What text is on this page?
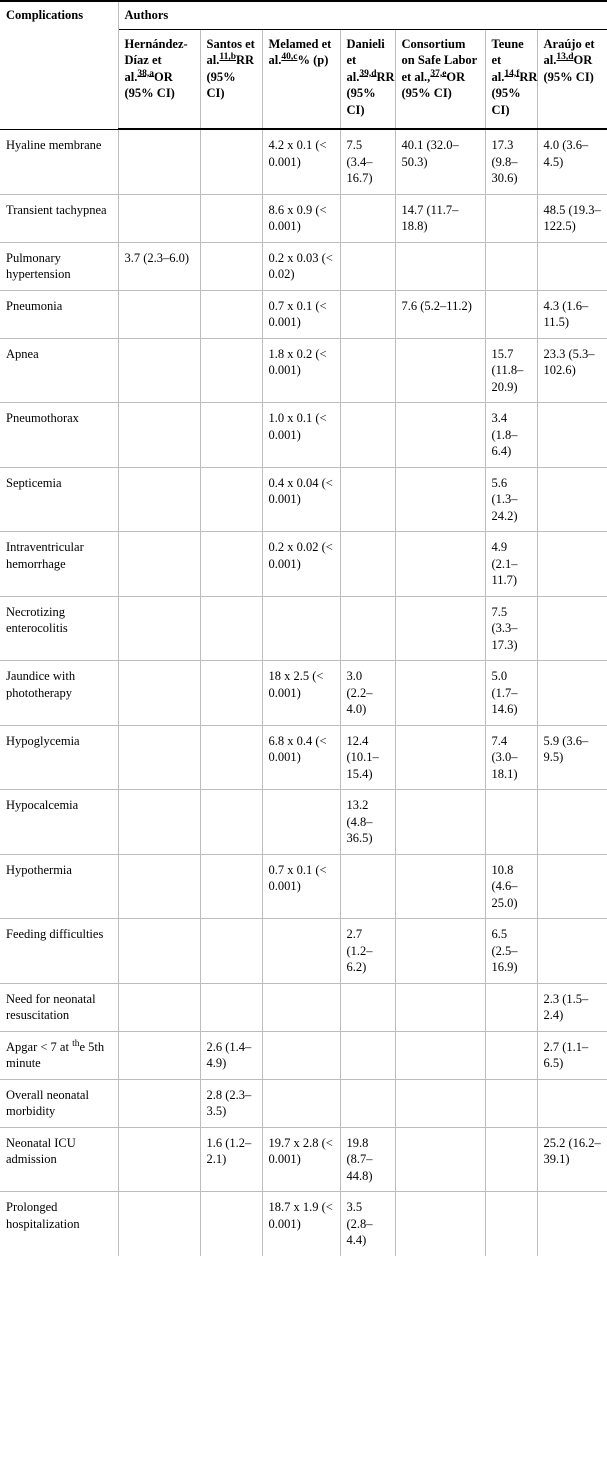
Complications	Authors						
	Hernández-Díaz et al.$^{38,a}$OR (95% CI)	Santos et al.$^{11,b}$RR (95% CI)	Melamed et al.$^{40,c}$% (p)	Danieli et al.$^{39,d}$RR (95% CI)	Consortium on Safe Labor et al.,$^{37,e}$OR (95% CI)	Teune et al.$^{14,f}$RR (95% CI)	Araújo et al.$^{13,d}$OR (95% CI)
Hyaline membrane			4.2 x 0.1 (< 0.001)	7.5 (3.4–16.7)	40.1 (32.0–50.3)	17.3 (9.8–30.6)	4.0 (3.6–4.5)
Transient tachypnea			8.6 x 0.9 (< 0.001)		14.7 (11.7–18.8)		48.5 (19.3–122.5)
Pulmonary hypertension	3.7 (2.3–6.0)		0.2 x 0.03 (< 0.02)				
Pneumonia			0.7 x 0.1 (< 0.001)		7.6 (5.2–11.2)		4.3 (1.6–11.5)
Apnea			1.8 x 0.2 (< 0.001)			15.7 (11.8–20.9)	23.3 (5.3–102.6)
Pneumothorax			1.0 x 0.1 (< 0.001)			3.4 (1.8–6.4)	
Septicemia			0.4 x 0.04 (< 0.001)			5.6 (1.3–24.2)	
Intraventricular hemorrhage			0.2 x 0.02 (< 0.001)			4.9 (2.1–11.7)	
Necrotizing enterocolitis						7.5 (3.3–17.3)	
Jaundice with phototherapy			18 x 2.5 (< 0.001)	3.0 (2.2–4.0)		5.0 (1.7–14.6)	
Hypoglycemia			6.8 x 0.4 (< 0.001)	12.4 (10.1–15.4)		7.4 (3.0–18.1)	5.9 (3.6–9.5)
Hypocalcemia				13.2 (4.8–36.5)			
Hypothermia			0.7 x 0.1 (< 0.001)			10.8 (4.6–25.0)	
Feeding difficulties				2.7 (1.2–6.2)		6.5 (2.5–16.9)	
Need for neonatal resuscitation							2.3 (1.5–2.4)
Apgar < 7 at $^{th}$e 5th minute		2.6 (1.4–4.9)					2.7 (1.1–6.5)
Overall neonatal morbidity		2.8 (2.3–3.5)					
Neonatal ICU admission		1.6 (1.2–2.1)	19.7 x 2.8 (< 0.001)	19.8 (8.7–44.8)			25.2 (16.2–39.1)
Prolonged hospitalization			18.7 x 1.9 (< 0.001)	3.5 (2.8–4.4)			
